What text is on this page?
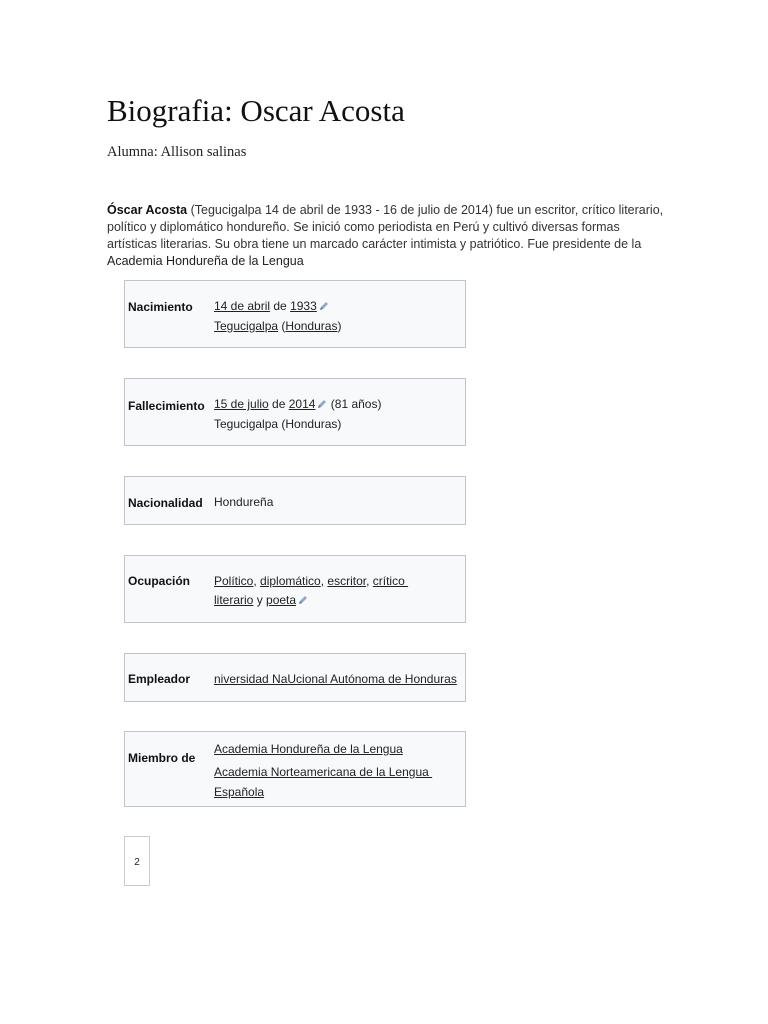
Biografia: Oscar Acosta
Alumna: Allison salinas

Óscar Acosta (Tegucigalpa 14 de abril de 1933 - 16 de julio de 2014) fue un escritor, crítico literario, político y diplomático hondureño. Se inició como periodista en Perú y cultivó diversas formas artísticas literarias. Su obra tiene un marcado carácter intimista y patriótico. Fue presidente de la Academia Hondureña de la Lengua

Nacimiento 14 de abril de 1933
Tegucigalpa (Honduras)
Fallecimiento 15 de julio de 2014 (81 años)
Tegucigalpa (Honduras)
Nacionalidad Hondureña
Ocupación Político, diplomático, escritor, crítico
literario y poeta
Empleador niversidad NaUcional Autónoma de Honduras
Miembro de
Academia Hondureña de la Lengua
Academia Norteamericana de la Lengua
Española
2
